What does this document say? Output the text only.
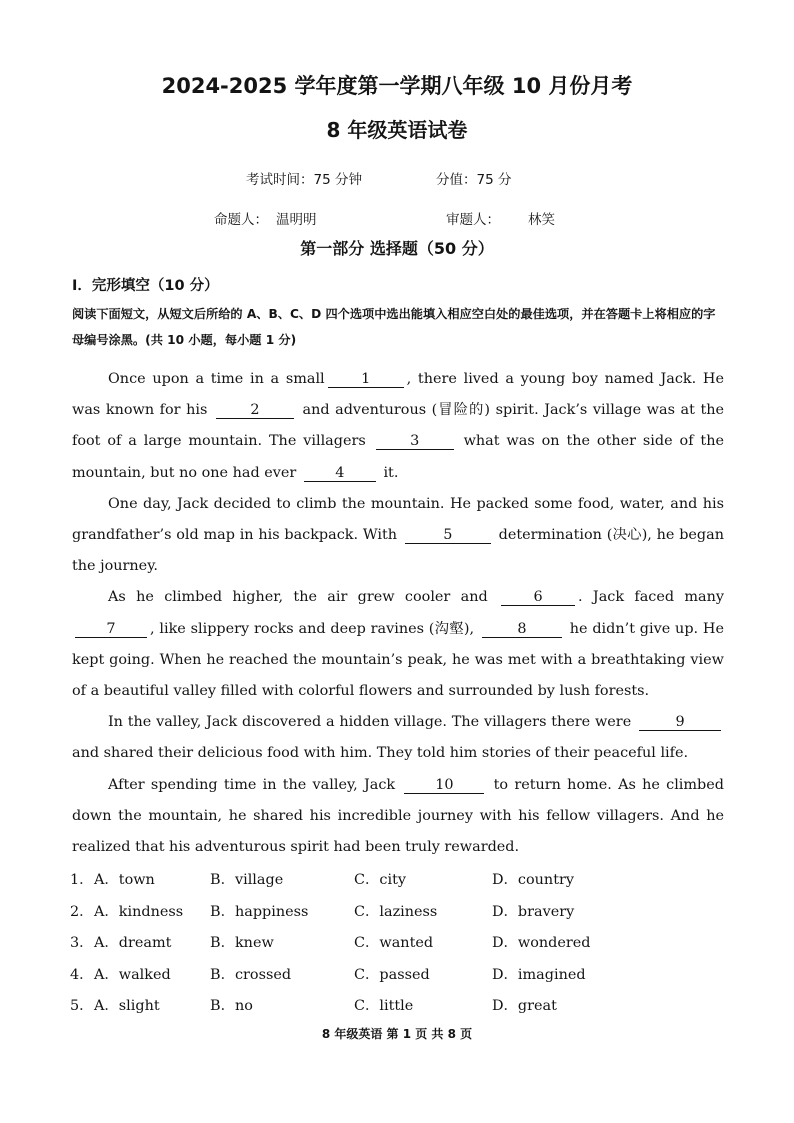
2024-2025 学年度第一学期八年级 10 月份月考
8 年级英语试卷
考试时间：75 分钟	分值：75 分
命题人： 温明明	审题人： 林笑
第一部分 选择题（50 分）
I．完形填空（10 分）
阅读下面短文，从短文后所给的 A、B、C、D 四个选项中选出能填入相应空白处的最佳选项，并在答题卡上将相应的字母编号涂黑。(共 10 小题，每小题 1 分)

Once upon a time in a small	1	, there lived a young boy named Jack. He was known for his	2	and adventurous (冒险的) spirit. Jack’s village was at the foot of a large mountain. The villagers	3	what was on the other side of the mountain, but no one had ever	4	it.

One day, Jack decided to climb the mountain. He packed some food, water, and his grandfather’s old map in his backpack. With	5	determination (决心), he began the journey.

As he climbed higher, the air grew cooler and	6 . Jack faced many 7 , like slippery rocks and deep ravines (沟壑),	8	he didn’t give up. He kept going. When he reached the mountain’s peak, he was met with a breathtaking view of a beautiful valley filled with colorful flowers and surrounded by lush forests.

In the valley, Jack discovered a hidden village. The villagers there were	9 and shared their delicious food with him. They told him stories of their peaceful life.

After spending time in the valley, Jack	10	to return home. As he climbed down the mountain, he shared his incredible journey with his fellow villagers. And he realized that his adventurous spirit had been truly rewarded.

1． A．town	B．village	C．city	D．country
2． A．kindness B．happiness	C．laziness	D．bravery
3． A．dreamt	B．knew	C．wanted	D．wondered
4． A．walked	B．crossed	C．passed	D．imagined
5． A．slight	B．no	C．little	D．great
8 年级英语 第 1 页 共 8 页
